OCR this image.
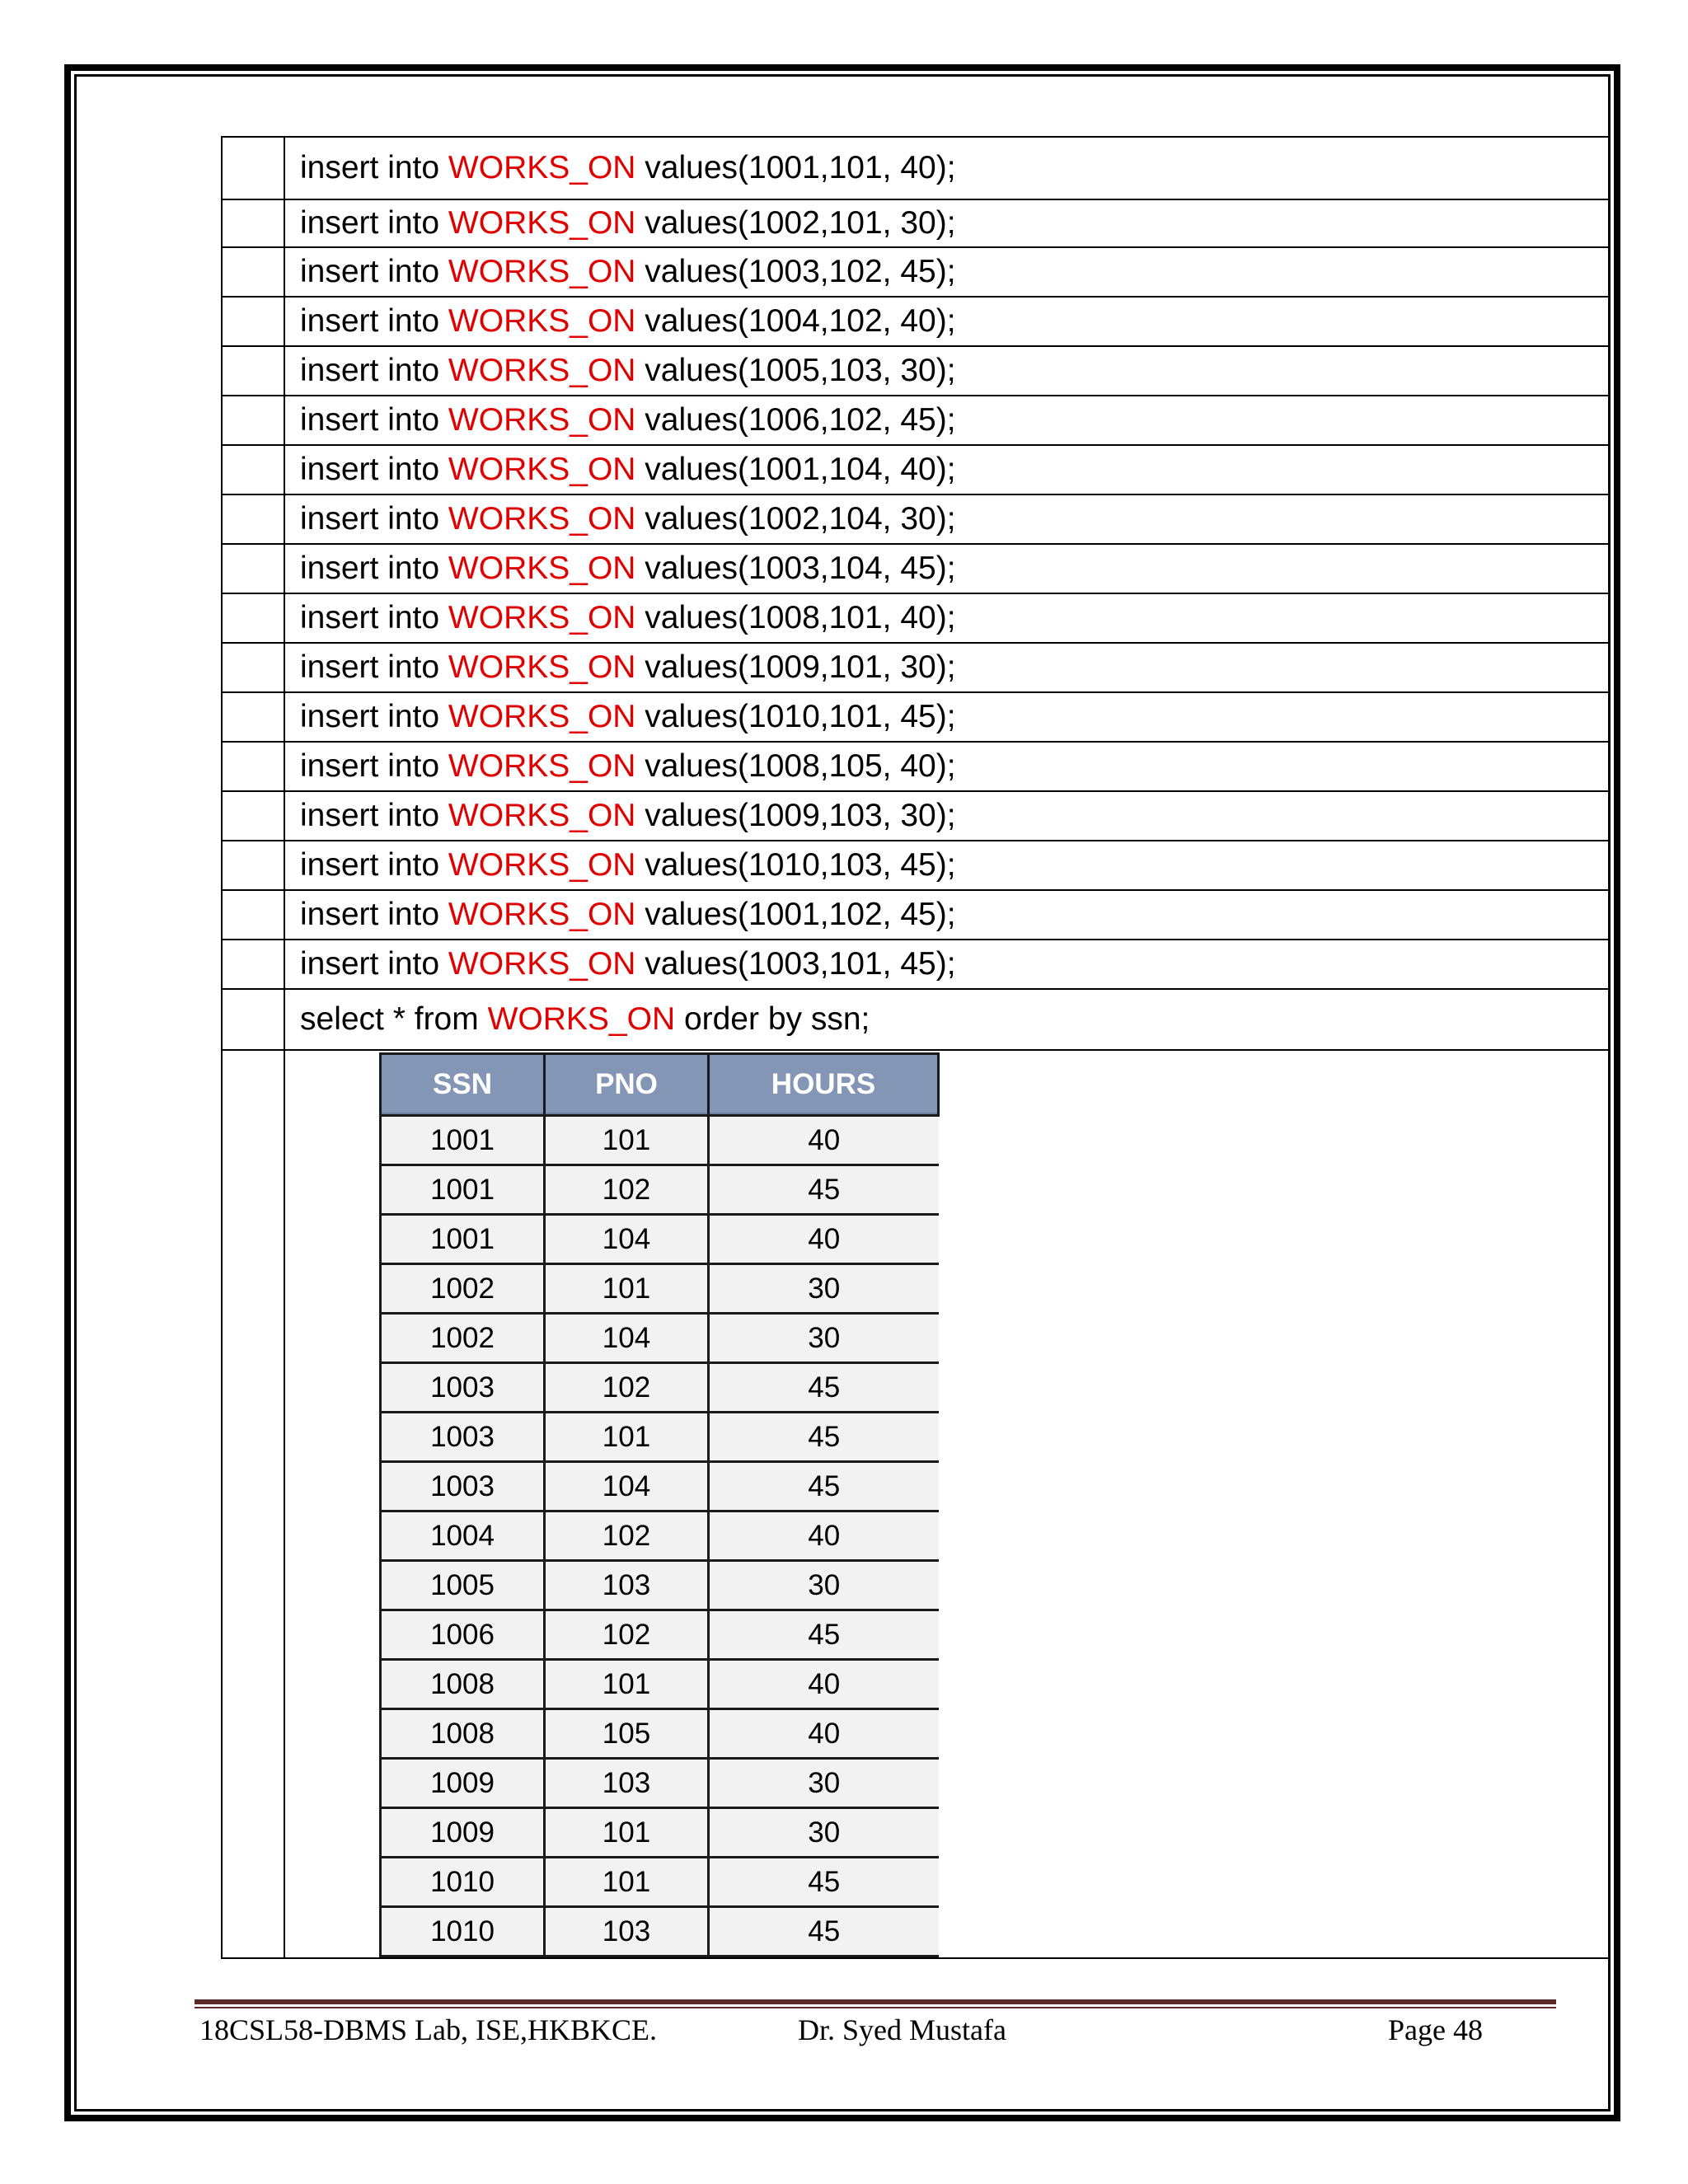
	insert into WORKS_ON values(1001,101, 40);
	insert into WORKS_ON values(1002,101, 30);
	insert into WORKS_ON values(1003,102, 45);
	insert into WORKS_ON values(1004,102, 40);
	insert into WORKS_ON values(1005,103, 30);
	insert into WORKS_ON values(1006,102, 45);
	insert into WORKS_ON values(1001,104, 40);
	insert into WORKS_ON values(1002,104, 30);
	insert into WORKS_ON values(1003,104, 45);
	insert into WORKS_ON values(1008,101, 40);
	insert into WORKS_ON values(1009,101, 30);
	insert into WORKS_ON values(1010,101, 45);
	insert into WORKS_ON values(1008,105, 40);
	insert into WORKS_ON values(1009,103, 30);
	insert into WORKS_ON values(1010,103, 45);
	insert into WORKS_ON values(1001,102, 45);
	insert into WORKS_ON values(1003,101, 45);
	select * from WORKS_ON order by ssn;

SSN	PNO	HOURS
1001	101	40
1001	102	45
1001	104	40
1002	101	30
1002	104	30
1003	102	45
1003	101	45
1003	104	45
1004	102	40
1005	103	30
1006	102	45
1008	101	40
1008	105	40
1009	103	30
1009	101	30
1010	101	45
1010	103	45
18CSL58-DBMS Lab, ISE,HKBKCE.	Dr. Syed Mustafa	Page 48
